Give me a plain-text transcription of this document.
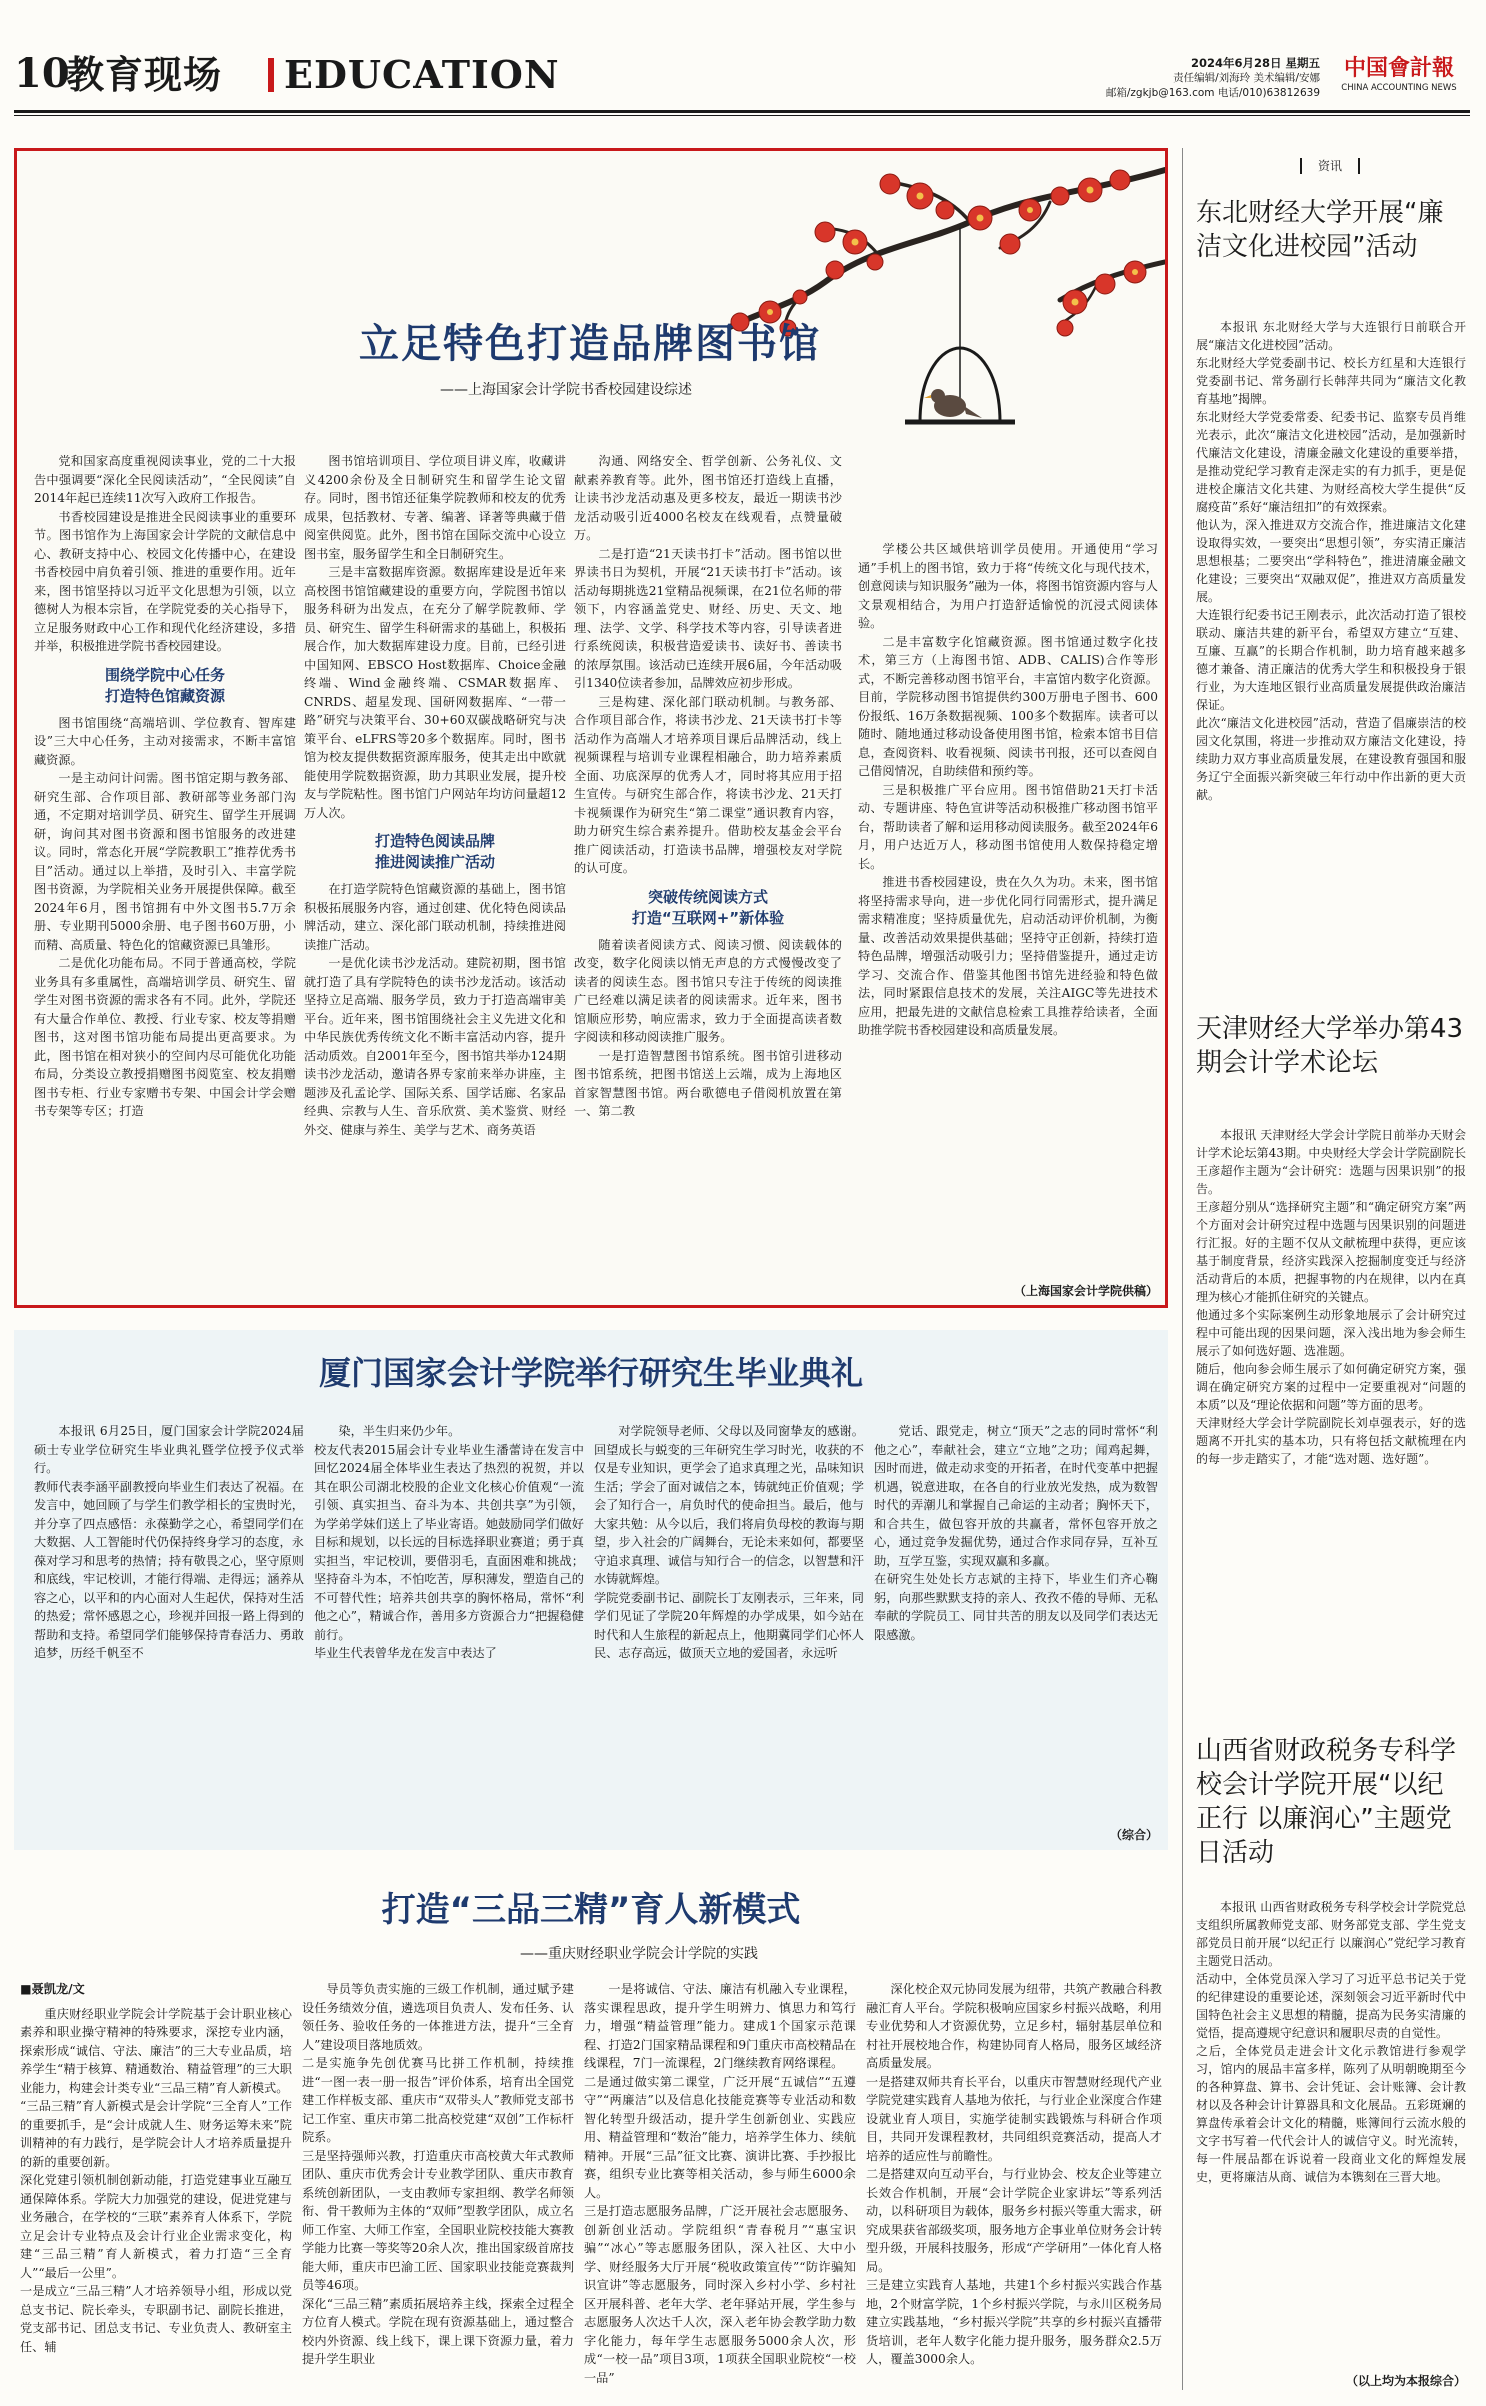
10
教育现场 EDUCATION	2024年6月28日 星期五
责任编辑/刘海玲 美术编辑/安娜
邮箱/zgkjb@163.com 电话/010)63812639
中国會計報
CHINA ACCOUNTING NEWS
立足特色打造品牌图书馆
——上海国家会计学院书香校园建设综述

党和国家高度重视阅读事业，党的二十大报告中强调要“深化全民阅读活动”，“全民阅读”自2014年起已连续11次写入政府工作报告。

书香校园建设是推进全民阅读事业的重要环节。图书馆作为上海国家会计学院的文献信息中心、教研支持中心、校园文化传播中心，在建设书香校园中肩负着引领、推进的重要作用。近年来，图书馆坚持以习近平文化思想为引领，以立德树人为根本宗旨，在学院党委的关心指导下，立足服务财政中心工作和现代化经济建设，多措并举，积极推进学院书香校园建设。

围绕学院中心任务
打造特色馆藏资源

图书馆围绕“高端培训、学位教育、智库建设”三大中心任务，主动对接需求，不断丰富馆藏资源。

一是主动问计问需。图书馆定期与教务部、研究生部、合作项目部、教研部等业务部门沟通，不定期对培训学员、研究生、留学生开展调研，询问其对图书资源和图书馆服务的改进建议。同时，常态化开展“学院教职工”推荐优秀书目”活动。通过以上举措，及时引入、丰富学院图书资源，为学院相关业务开展提供保障。截至2024年6月，图书馆拥有中外文图书5.7万余册、专业期刊5000余册、电子图书60万册，小而精、高质量、特色化的馆藏资源已具雏形。

二是优化功能布局。不同于普通高校，学院业务具有多重属性，高端培训学员、研究生、留学生对图书资源的需求各有不同。此外，学院还有大量合作单位、教授、行业专家、校友等捐赠图书，这对图书馆功能布局提出更高要求。为此，图书馆在相对狭小的空间内尽可能优化功能布局，分类设立教授捐赠图书阅览室、校友捐赠图书专柜、行业专家赠书专架、中国会计学会赠书专架等专区；打造

图书馆培训项目、学位项目讲义库，收藏讲义4200余份及全日制研究生和留学生论文留存。同时，图书馆还征集学院教师和校友的优秀成果，包括教材、专著、编著、译著等典藏于借阅室供阅览。此外，图书馆在国际交流中心设立图书室，服务留学生和全日制研究生。

三是丰富数据库资源。数据库建设是近年来高校图书馆馆藏建设的重要方向，学院图书馆以服务科研为出发点，在充分了解学院教师、学员、研究生、留学生科研需求的基础上，积极拓展合作，加大数据库建设力度。目前，已经引进中国知网、EBSCO Host数据库、Choice金融终端、Wind金融终端、CSMAR数据库、CNRDS、超星发现、国研网数据库、“一带一路”研究与决策平台、30+60双碳战略研究与决策平台、eLFRS等20多个数据库。同时，图书馆为校友提供数据资源库服务，使其走出中欧就能使用学院数据资源，助力其职业发展，提升校友与学院粘性。图书馆门户网站年均访问量超12万人次。

打造特色阅读品牌
推进阅读推广活动

在打造学院特色馆藏资源的基础上，图书馆积极拓展服务内容，通过创建、优化特色阅读品牌活动，建立、深化部门联动机制，持续推进阅读推广活动。

一是优化读书沙龙活动。建院初期，图书馆就打造了具有学院特色的读书沙龙活动。该活动坚持立足高端、服务学员，致力于打造高端审美平台。近年来，图书馆围绕社会主义先进文化和中华民族优秀传统文化不断丰富活动内容，提升活动质效。自2001年至今，图书馆共举办124期读书沙龙活动，邀请各界专家前来举办讲座，主题涉及孔孟论学、国际关系、国学话廊、名家品经典、宗教与人生、音乐欣赏、美术鉴赏、财经外交、健康与养生、美学与艺术、商务英语

沟通、网络安全、哲学创新、公务礼仪、文献素养教育等。此外，图书馆还打造线上直播，让读书沙龙活动惠及更多校友，最近一期读书沙龙活动吸引近4000名校友在线观看，点赞量破万。

二是打造“21天读书打卡”活动。图书馆以世界读书日为契机，开展“21天读书打卡”活动。该活动每期挑选21堂精品视频课，在21位名师的带领下，内容涵盖党史、财经、历史、天文、地理、法学、文学、科学技术等内容，引导读者进行系统阅读，积极营造爱读书、读好书、善读书的浓厚氛围。该活动已连续开展6届，今年活动吸引1340位读者参加，品牌效应初步形成。

三是构建、深化部门联动机制。与教务部、合作项目部合作，将读书沙龙、21天读书打卡等活动作为高端人才培养项目课后品牌活动，线上视频课程与培训专业课程相融合，助力培养素质全面、功底深厚的优秀人才，同时将其应用于招生宣传。与研究生部合作，将读书沙龙、21天打卡视频课作为研究生“第二课堂”通识教育内容，助力研究生综合素养提升。借助校友基金会平台推广阅读活动，打造读书品牌，增强校友对学院的认可度。

突破传统阅读方式
打造“互联网+”新体验

随着读者阅读方式、阅读习惯、阅读载体的改变，数字化阅读以悄无声息的方式慢慢改变了读者的阅读生态。图书馆只专注于传统的阅读推广已经难以满足读者的阅读需求。近年来，图书馆顺应形势，响应需求，致力于全面提高读者数字阅读和移动阅读推广服务。

一是打造智慧图书馆系统。图书馆引进移动图书馆系统，把图书馆送上云端，成为上海地区首家智慧图书馆。两台歌德电子借阅机放置在第一、第二教

学楼公共区域供培训学员使用。开通使用“学习通”手机上的图书馆，致力于将“传统文化与现代技术，创意阅读与知识服务”融为一体，将图书馆资源内容与人文景观相结合，为用户打造舒适愉悦的沉浸式阅读体验。

二是丰富数字化馆藏资源。图书馆通过数字化技术，第三方（上海图书馆、ADB、CALIS)合作等形式，不断完善移动图书馆平台，丰富馆内数字化资源。目前，学院移动图书馆提供约300万册电子图书、600份报纸、16万条数据视频、100多个数据库。读者可以随时、随地通过移动设备使用图书馆，检索本馆书目信息，查阅资料、收看视频、阅读书刊报，还可以查阅自己借阅情况，自助续借和预约等。

三是积极推广平台应用。图书馆借助21天打卡活动、专题讲座、特色宣讲等活动积极推广移动图书馆平台，帮助读者了解和运用移动阅读服务。截至2024年6月，用户达近万人，移动图书馆使用人数保持稳定增长。

推进书香校园建设，贵在久久为功。未来，图书馆将坚持需求导向，进一步优化同行同需形式，提升满足需求精准度；坚持质量优先，启动活动评价机制，为衡量、改善活动效果提供基础；坚持守正创新，持续打造特色品牌，增强活动吸引力；坚持借鉴提升，通过走访学习、交流合作、借鉴其他图书馆先进经验和特色做法，同时紧跟信息技术的发展，关注AIGC等先进技术应用，把最先进的文献信息检索工具推荐给读者，全面助推学院书香校园建设和高质量发展。

（上海国家会计学院供稿）
厦门国家会计学院举行研究生毕业典礼
本报讯 6月25日，厦门国家会计学院2024届硕士专业学位研究生毕业典礼暨学位授予仪式举行。
教师代表李涵平副教授向毕业生们表达了祝福。在发言中，她回顾了与学生们教学相长的宝贵时光，并分享了四点感悟：永葆勤学之心，希望同学们在大数据、人工智能时代仍保持终身学习的态度，永葆对学习和思考的热情；持有敬畏之心，坚守原则和底线，牢记校训，才能行得端、走得远；涵养从容之心，以平和的内心面对人生起伏，保持对生活的热爱；常怀感恩之心，珍视并回报一路上得到的帮助和支持。希望同学们能够保持青春活力、勇敢追梦，历经千帆至不
染，半生归来仍少年。
校友代表2015届会计专业毕业生潘蕾诗在发言中回忆2024届全体毕业生表达了热烈的祝贺，并以其在职公司湖北校股的企业文化核心价值观“一流引领、真实担当、奋斗为本、共创共享”为引领，为学弟学妹们送上了毕业寄语。她鼓励同学们做好目标和规划，以长远的目标选择职业赛道；勇于真实担当，牢记校训，要借羽毛，直面困难和挑战；坚持奋斗为本，不怕吃苦，厚积薄发，塑造自己的不可替代性；培养共创共享的胸怀格局，常怀“利他之心”，精诚合作，善用多方资源合力“把握稳健前行。
毕业生代表曾华龙在发言中表达了
对学院领导老师、父母以及同窗挚友的感谢。回望成长与蜕变的三年研究生学习时光，收获的不仅是专业知识，更学会了追求真理之光，品味知识生活；学会了面对诚信之本，铸就纯正价值观；学会了知行合一，肩负时代的使命担当。最后，他与大家共勉：从今以后，我们将肩负母校的教诲与期望，步入社会的广阔舞台，无论未来如何，都要坚守追求真理、诚信与知行合一的信念，以智慧和汗水铸就辉煌。
学院党委副书记、副院长丁友刚表示，三年来，同学们见证了学院20年辉煌的办学成果，如今站在时代和人生旅程的新起点上，他期冀同学们心怀人民、志存高远，做顶天立地的爱国者，永远听
党话、跟党走，树立“顶天”之志的同时常怀“利他之心”，奉献社会，建立“立地”之功；闻鸡起舞，因时而进，做走动求变的开拓者，在时代变革中把握机遇，锐意进取，在各自的行业放光发热，成为数智时代的弄潮儿和掌握自己命运的主动者；胸怀天下，和合共生，做包容开放的共赢者，常怀包容开放之心，通过竞争发掘优势，通过合作求同存异，互补互助，互学互鉴，实现双赢和多赢。
在研究生处处长方志斌的主持下，毕业生们齐心鞠躬，向那些默默支持的亲人、孜孜不倦的导师、无私奉献的学院员工、同甘共苦的朋友以及同学们表达无限感激。
（综合）
打造“三品三精”育人新模式
——重庆财经职业学院会计学院的实践
■聂凯龙/文
重庆财经职业学院会计学院基于会计职业核心素养和职业操守精神的特殊要求，深挖专业内涵，探索形成“诚信、守法、廉洁”的三大专业品质，培养学生“精于核算、精通数治、精益管理”的三大职业能力，构建会计类专业“三品三精”育人新模式。
“三品三精”育人新模式是会计学院“三全育人”工作的重要抓手，是“会计成就人生、财务运筹未来”院训精神的有力践行，是学院会计人才培养质量提升的新的重要创新。
深化党建引领机制创新动能，打造党建事业互融互通保障体系。学院大力加强党的建设，促进党建与业务融合，在学校的“三联”素养育人体系下，学院立足会计专业特点及会计行业企业需求变化，构建“三品三精”育人新模式，着力打造“三全育人”“最后一公里”。
一是成立“三品三精”人才培养领导小组，形成以党总支书记、院长牵头，专职副书记、副院长推进，党支部书记、团总支书记、专业负责人、教研室主任、辅
导员等负责实施的三级工作机制，通过赋予建设任务绩效分值，遴选项目负责人、发布任务、认领任务、验收任务的一体推进方法，提升“三全育人”建设项目落地质效。
二是实施争先创优赛马比拼工作机制，持续推进“一图一表一册一报告”评价体系，培育出全国党建工作样板支部、重庆市“双带头人”教师党支部书记工作室、重庆市第二批高校党建“双创”工作标杆院系。
三是坚持强师兴教，打造重庆市高校黄大年式教师团队、重庆市优秀会计专业教学团队、重庆市教育系统创新团队，一支由教师专家担纲、教学名师领衔、骨干教师为主体的“双师”型教学团队，成立名师工作室、大师工作室，全国职业院校技能大赛教学能力比赛一等奖等20余人次，推出国家级首席技能大师，重庆市巴渝工匠、国家职业技能竞赛裁判员等46项。
深化“三品三精”素质拓展培养主线，探索全过程全方位育人模式。学院在现有资源基础上，通过整合校内外资源、线上线下，课上课下资源力量，着力提升学生职业
一是将诚信、守法、廉洁有机融入专业课程，落实课程思政，提升学生明辨力、慎思力和笃行力，增强“精益管理”能力。建成1个国家示范课程、打造2门国家精品课程和9门重庆市高校精品在线课程，7门一流课程，2门继续教育网络课程。
二是通过做实第二课堂，广泛开展“五诚信”“五遵守”“两廉洁”以及信息化技能竞赛等专业活动和数智化转型升级活动，提升学生创新创业、实践应用、精益管理和“数治”能力，培养学生体力、续航精神。开展“三品”征文比赛、演讲比赛、手抄报比赛，组织专业比赛等相关活动，参与师生6000余人。
三是打造志愿服务品牌，广泛开展社会志愿服务、创新创业活动。学院组织“青春税月”“惠宝识骗”“冰心”等志愿服务团队，深入社区、大中小学、财经服务大厅开展“税收政策宣传”“防诈骗知识宣讲”等志愿服务，同时深入乡村小学、乡村社区开展科普、老年大学、老年驿站开展，学生参与志愿服务人次达千人次，深入老年协会教学助力数字化能力，每年学生志愿服务5000余人次，形成“一校一品”项目3项，1项获全国职业院校“一校一品”
深化校企双元协同发展为纽带，共筑产教融合科教融汇育人平台。学院积极响应国家乡村振兴战略，利用专业优势和人才资源优势，立足乡村，辐射基层单位和村社开展校地合作，构建协同育人格局，服务区域经济高质量发展。
一是搭建双师共育长平台，以重庆市智慧财经现代产业学院党建实践育人基地为依托，与行业企业深度合作建设就业育人项目，实施学徒制实践锻炼与科研合作项目，共同开发课程教材，共同组织竞赛活动，提高人才培养的适应性与前瞻性。
二是搭建双向互动平台，与行业协会、校友企业等建立长效合作机制，开展“会计学院企业家讲坛”等系列活动，以科研项目为载体，服务乡村振兴等重大需求，研究成果获省部级奖项，服务地方企事业单位财务会计转型升级，开展科技服务，形成“产学研用”一体化育人格局。
三是建立实践育人基地，共建1个乡村振兴实践合作基地，2个财富学院，1个乡村振兴学院，与永川区税务局建立实践基地，“乡村振兴学院”共享的乡村振兴直播带货培训，老年人数字化能力提升服务，服务群众2.5万人，覆盖3000余人。
资讯
东北财经大学开展“廉洁文化进校园”活动
本报讯 东北财经大学与大连银行日前联合开展“廉洁文化进校园”活动。
东北财经大学党委副书记、校长方红星和大连银行党委副书记、常务副行长韩萍共同为“廉洁文化教育基地”揭牌。
东北财经大学党委常委、纪委书记、监察专员肖维光表示，此次“廉洁文化进校园”活动，是加强新时代廉洁文化建设，清廉金融文化建设的重要举措，是推动党纪学习教育走深走实的有力抓手，更是促进校企廉洁文化共建、为财经高校大学生提供“反腐疫苗”系好“廉洁纽扣”的有效探索。
他认为，深入推进双方交流合作，推进廉洁文化建设取得实效，一要突出“思想引领”，夯实清正廉洁思想根基；二要突出“学科特色”，推进清廉金融文化建设；三要突出“双融双促”，推进双方高质量发展。
大连银行纪委书记王刚表示，此次活动打造了银校联动、廉洁共建的新平台，希望双方建立“互建、互廉、互赢”的长期合作机制，助力培育越来越多德才兼备、清正廉洁的优秀大学生和积极投身于银行业，为大连地区银行业高质量发展提供政治廉洁保证。
此次“廉洁文化进校园”活动，营造了倡廉崇洁的校园文化氛围，将进一步推动双方廉洁文化建设，持续助力双方事业高质量发展，在建设教育强国和服务辽宁全面振兴新突破三年行动中作出新的更大贡献。
天津财经大学举办第43期会计学术论坛
本报讯 天津财经大学会计学院日前举办天财会计学术论坛第43期。中央财经大学会计学院副院长王彦超作主题为“会计研究：选题与因果识别”的报告。
王彦超分别从“选择研究主题”和“确定研究方案”两个方面对会计研究过程中选题与因果识别的问题进行汇报。好的主题不仅从文献梳理中获得，更应该基于制度背景，经济实践深入挖掘制度变迁与经济活动背后的本质，把握事物的内在规律，以内在真理为核心才能抓住研究的关键点。
他通过多个实际案例生动形象地展示了会计研究过程中可能出现的因果问题，深入浅出地为参会师生展示了如何选好题、选准题。
随后，他向参会师生展示了如何确定研究方案，强调在确定研究方案的过程中一定要重视对“问题的本质”以及“理论依据和问题”等方面的思考。
天津财经大学会计学院副院长刘卓强表示，好的选题离不开扎实的基本功，只有将包括文献梳理在内的每一步走踏实了，才能“选对题、选好题”。
山西省财政税务专科学校会计学院开展“以纪正行 以廉润心”主题党日活动
本报讯 山西省财政税务专科学校会计学院党总支组织所属教师党支部、财务部党支部、学生党支部党员日前开展“以纪正行 以廉润心”党纪学习教育主题党日活动。
活动中，全体党员深入学习了习近平总书记关于党的纪律建设的重要论述，深刻领会习近平新时代中国特色社会主义思想的精髓，提高为民务实清廉的觉悟，提高遵规守纪意识和履职尽责的自觉性。
之后，全体党员走进会计文化示教馆进行参观学习，馆内的展品丰富多样，陈列了从明朝晚期至今的各种算盘、算书、会计凭证、会计账簿、会计教材以及各种会计计算器具和文化展品。五彩斑斓的算盘传承着会计文化的精髓，账簿间行云流水般的文字书写着一代代会计人的诚信守义。时光流转，每一件展品都在诉说着一段商业文化的辉煌发展史，更将廉洁从商、诚信为本镌刻在三晋大地。
（以上均为本报综合）
